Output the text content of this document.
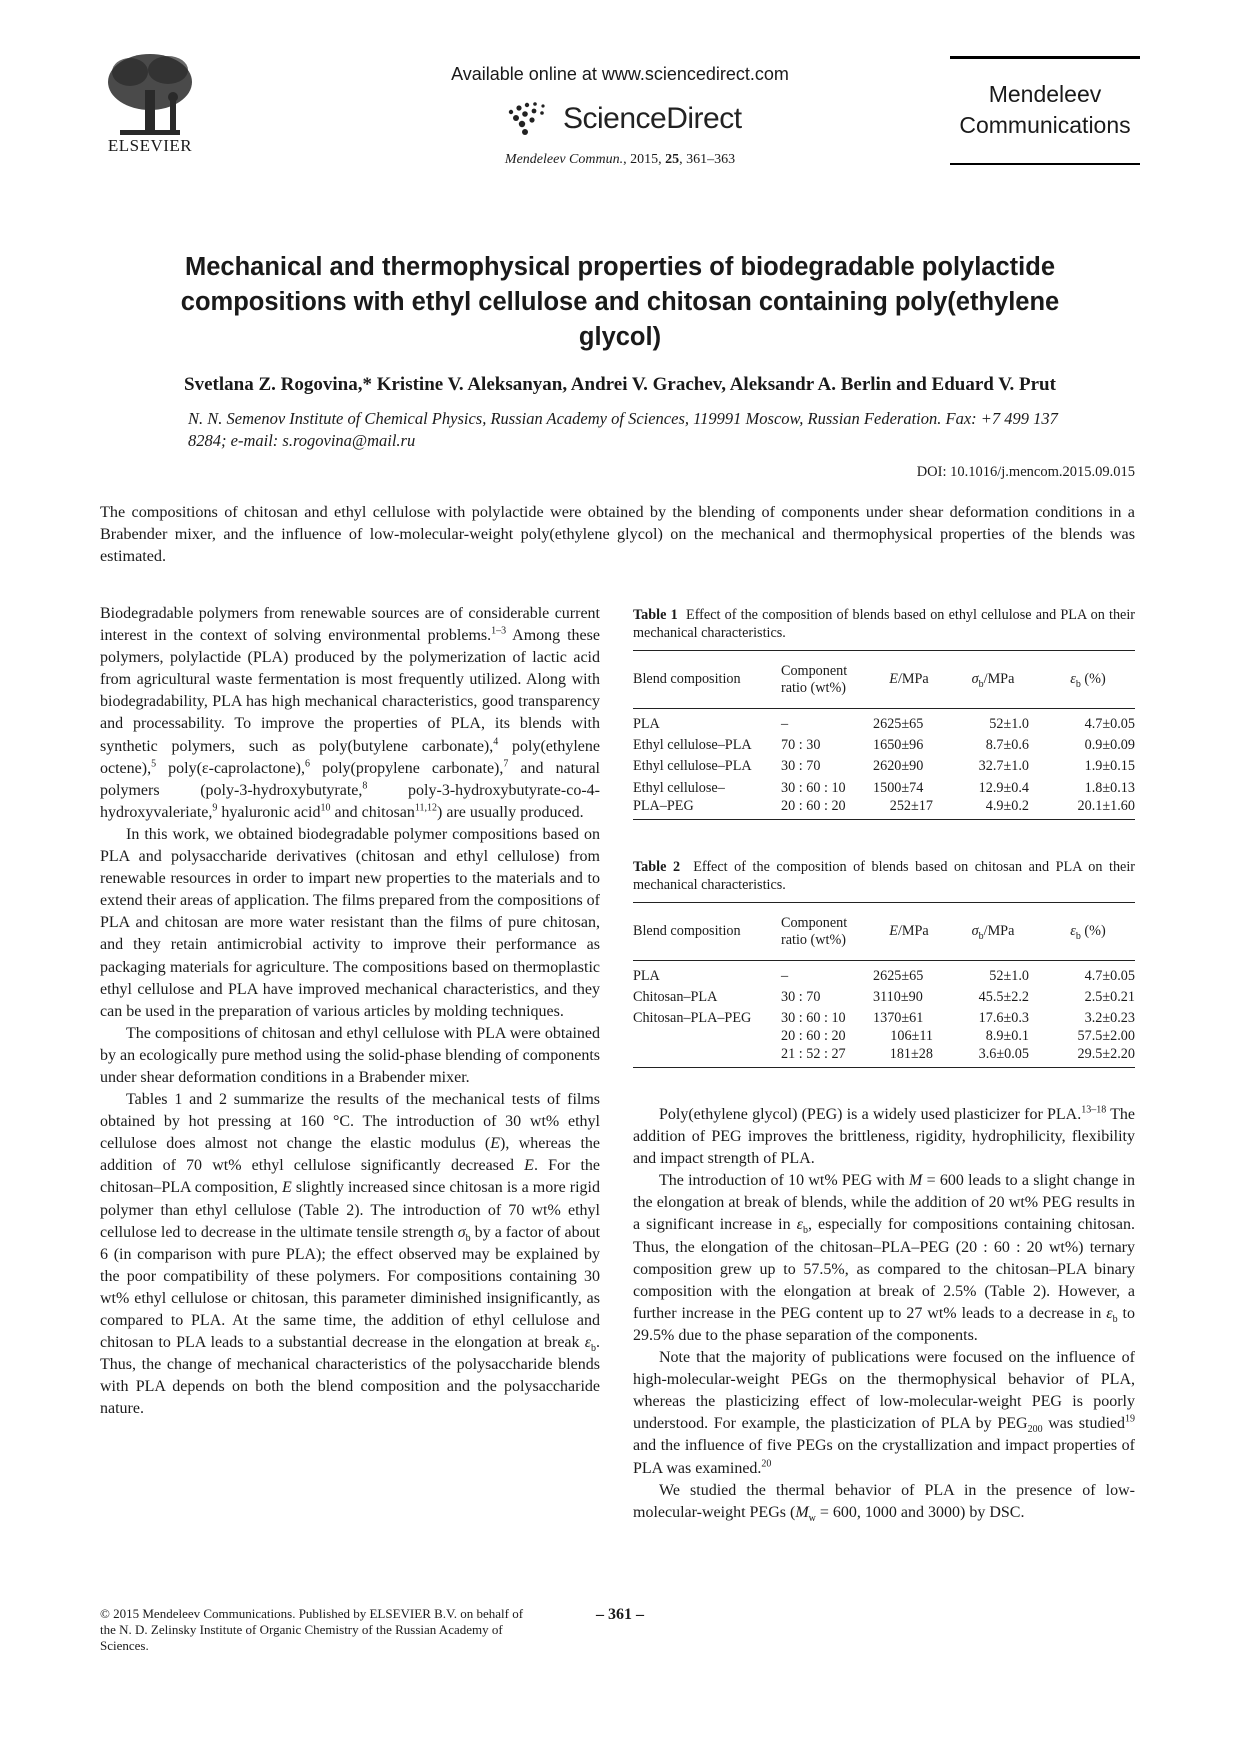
ELSEVIER
Available online at www.sciencedirect.com
ScienceDirect
Mendeleev Commun., 2015, 25, 361–363
Mendeleev
Communications
Mechanical and thermophysical properties of biodegradable polylactide compositions with ethyl cellulose and chitosan containing poly(ethylene glycol)
Svetlana Z. Rogovina,* Kristine V. Aleksanyan, Andrei V. Grachev, Aleksandr A. Berlin and Eduard V. Prut
N. N. Semenov Institute of Chemical Physics, Russian Academy of Sciences, 119991 Moscow, Russian Federation. Fax: +7 499 137 8284; e-mail: s.rogovina@mail.ru
DOI: 10.1016/j.mencom.2015.09.015

The compositions of chitosan and ethyl cellulose with polylactide were obtained by the blending of components under shear deformation conditions in a Brabender mixer, and the influence of low-molecular-weight poly(ethylene glycol) on the mechanical and thermophysical properties of the blends was estimated.

Biodegradable polymers from renewable sources are of considerable current interest in the context of solving environmental problems.$^{1-3}$ Among these polymers, polylactide (PLA) produced by the polymerization of lactic acid from agricultural waste fermentation is most frequently utilized. Along with biodegradability, PLA has high mechanical characteristics, good transparency and processability. To improve the properties of PLA, its blends with synthetic polymers, such as poly(butylene carbonate),$^4$ poly(ethylene octene),$^5$ poly(ε-caprolactone),$^6$ poly(propylene carbonate),$^7$ and natural polymers (poly-3-hydroxybutyrate,$^8$ poly-3-hydroxybutyrate-co-4-hydroxyvaleriate,$^9$ hyaluronic acid$^{10}$ and chitosan$^{11,12}$) are usually produced.

In this work, we obtained biodegradable polymer compositions based on PLA and polysaccharide derivatives (chitosan and ethyl cellulose) from renewable resources in order to impart new properties to the materials and to extend their areas of application. The films prepared from the compositions of PLA and chitosan are more water resistant than the films of pure chitosan, and they retain antimicrobial activity to improve their performance as packaging materials for agriculture. The compositions based on thermoplastic ethyl cellulose and PLA have improved mechanical characteristics, and they can be used in the preparation of various articles by molding techniques.

The compositions of chitosan and ethyl cellulose with PLA were obtained by an ecologically pure method using the solid-phase blending of components under shear deformation conditions in a Brabender mixer.

Tables 1 and 2 summarize the results of the mechanical tests of films obtained by hot pressing at 160 °C. The introduction of 30 wt% ethyl cellulose does almost not change the elastic modulus (E), whereas the addition of 70 wt% ethyl cellulose significantly decreased E. For the chitosan–PLA composition, E slightly increased since chitosan is a more rigid polymer than ethyl cellulose (Table 2). The introduction of 70 wt% ethyl cellulose led to decrease in the ultimate tensile strength $\sigma_b$ by a factor of about 6 (in comparison with pure PLA); the effect observed may be explained by the poor compatibility of these polymers. For compositions containing 30 wt% ethyl cellulose or chitosan, this parameter diminished insignificantly, as compared to PLA. At the same time, the addition of ethyl cellulose and chitosan to PLA leads to a substantial decrease in the elongation at break $\varepsilon_b$. Thus, the change of mechanical characteristics of the polysaccharide blends with PLA depends on both the blend composition and the polysaccharide nature.

Table 1 Effect of the composition of blends based on ethyl cellulose and PLA on their mechanical characteristics.
Blend composition	Component
ratio (wt%)	E/MPa	$\sigma_b$/MPa	$\varepsilon_b$ (%)
PLA	–	2625±65	52±1.0	4.7±0.05
Ethyl cellulose–PLA	70 : 30	1650±96	8.7±0.6	0.9±0.09
Ethyl cellulose–PLA	30 : 70	2620±90	32.7±1.0	1.9±0.15
Ethyl cellulose–	30 : 60 : 10	1500±74	12.9±0.4	1.8±0.13
PLA–PEG	20 : 60 : 20	252±17	4.9±0.2	20.1±1.60
Table 2 Effect of the composition of blends based on chitosan and PLA on their mechanical characteristics.
Blend composition	Component
ratio (wt%)	E/MPa	$\sigma_b$/MPa	$\varepsilon_b$ (%)
PLA	–	2625±65	52±1.0	4.7±0.05
Chitosan–PLA	30 : 70	3110±90	45.5±2.2	2.5±0.21
Chitosan–PLA–PEG	30 : 60 : 10	1370±61	17.6±0.3	3.2±0.23
	20 : 60 : 20	106±11	8.9±0.1	57.5±2.00
	21 : 52 : 27	181±28	3.6±0.05	29.5±2.20

Poly(ethylene glycol) (PEG) is a widely used plasticizer for PLA.$^{13-18}$ The addition of PEG improves the brittleness, rigidity, hydrophilicity, flexibility and impact strength of PLA.

The introduction of 10 wt% PEG with M = 600 leads to a slight change in the elongation at break of blends, while the addition of 20 wt% PEG results in a significant increase in $\varepsilon_b$, especially for compositions containing chitosan. Thus, the elongation of the chitosan–PLA–PEG (20 : 60 : 20 wt%) ternary composition grew up to 57.5%, as compared to the chitosan–PLA binary composition with the elongation at break of 2.5% (Table 2). However, a further increase in the PEG content up to 27 wt% leads to a decrease in $\varepsilon_b$ to 29.5% due to the phase separation of the components.

Note that the majority of publications were focused on the influence of high-molecular-weight PEGs on the thermophysical behavior of PLA, whereas the plasticizing effect of low-molecular-weight PEG is poorly understood. For example, the plasticization of PLA by $PEG_{200}$ was studied$^{19}$ and the influence of five PEGs on the crystallization and impact properties of PLA was examined.$^{20}$

We studied the thermal behavior of PLA in the presence of low-molecular-weight PEGs ($M_w = 600$, 1000 and 3000) by DSC.

© 2015 Mendeleev Communications. Published by ELSEVIER B.V. on behalf of the N. D. Zelinsky Institute of Organic Chemistry of the Russian Academy of Sciences.
– 361 –
